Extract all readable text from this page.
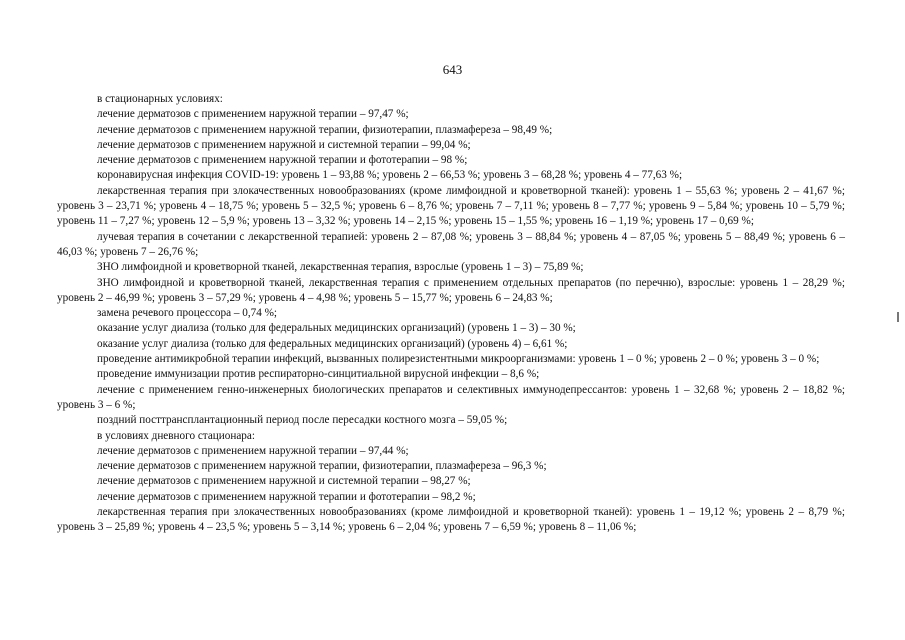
643

в стационарных условиях:

лечение дерматозов с применением наружной терапии – 97,47 %;

лечение дерматозов с применением наружной терапии, физиотерапии, плазмафереза – 98,49 %;

лечение дерматозов с применением наружной и системной терапии – 99,04 %;

лечение дерматозов с применением наружной терапии и фототерапии – 98 %;

коронавирусная инфекция COVID-19: уровень 1 – 93,88 %; уровень 2 – 66,53 %; уровень 3 – 68,28 %; уровень 4 – 77,63 %;

лекарственная терапия при злокачественных новообразованиях (кроме лимфоидной и кроветворной тканей): уровень 1 – 55,63 %; уровень 2 – 41,67 %; уровень 3 – 23,71 %; уровень 4 – 18,75 %; уровень 5 – 32,5 %; уровень 6 – 8,76 %; уровень 7 – 7,11 %; уровень 8 – 7,77 %; уровень 9 – 5,84 %; уровень 10 – 5,79 %; уровень 11 – 7,27 %; уровень 12 – 5,9 %; уровень 13 – 3,32 %; уровень 14 – 2,15 %; уровень 15 – 1,55 %; уровень 16 – 1,19 %; уровень 17 – 0,69 %;

лучевая терапия в сочетании с лекарственной терапией: уровень 2 – 87,08 %; уровень 3 – 88,84 %; уровень 4 – 87,05 %; уровень 5 – 88,49 %; уровень 6 – 46,03 %; уровень 7 – 26,76 %;

ЗНО лимфоидной и кроветворной тканей, лекарственная терапия, взрослые (уровень 1 – 3) – 75,89 %;

ЗНО лимфоидной и кроветворной тканей, лекарственная терапия с применением отдельных препаратов (по перечню), взрослые: уровень 1 – 28,29 %; уровень 2 – 46,99 %; уровень 3 – 57,29 %; уровень 4 – 4,98 %; уровень 5 – 15,77 %; уровень 6 – 24,83 %;

замена речевого процессора – 0,74 %;

оказание услуг диализа (только для федеральных медицинских организаций) (уровень 1 – 3) – 30 %;

оказание услуг диализа (только для федеральных медицинских организаций) (уровень 4) – 6,61 %;

проведение антимикробной терапии инфекций, вызванных полирезистентными микроорганизмами: уровень 1 – 0 %; уровень 2 – 0 %; уровень 3 – 0 %;

проведение иммунизации против респираторно-синцитиальной вирусной инфекции – 8,6 %;

лечение с применением генно-инженерных биологических препаратов и селективных иммунодепрессантов: уровень 1 – 32,68 %; уровень 2 – 18,82 %; уровень 3 – 6 %;

поздний посттрансплантационный период после пересадки костного мозга – 59,05 %;

в условиях дневного стационара:

лечение дерматозов с применением наружной терапии – 97,44 %;

лечение дерматозов с применением наружной терапии, физиотерапии, плазмафереза – 96,3 %;

лечение дерматозов с применением наружной и системной терапии – 98,27 %;

лечение дерматозов с применением наружной терапии и фототерапии – 98,2 %;

лекарственная терапия при злокачественных новообразованиях (кроме лимфоидной и кроветворной тканей): уровень 1 – 19,12 %; уровень 2 – 8,79 %; уровень 3 – 25,89 %; уровень 4 – 23,5 %; уровень 5 – 3,14 %; уровень 6 – 2,04 %; уровень 7 – 6,59 %; уровень 8 – 11,06 %;
